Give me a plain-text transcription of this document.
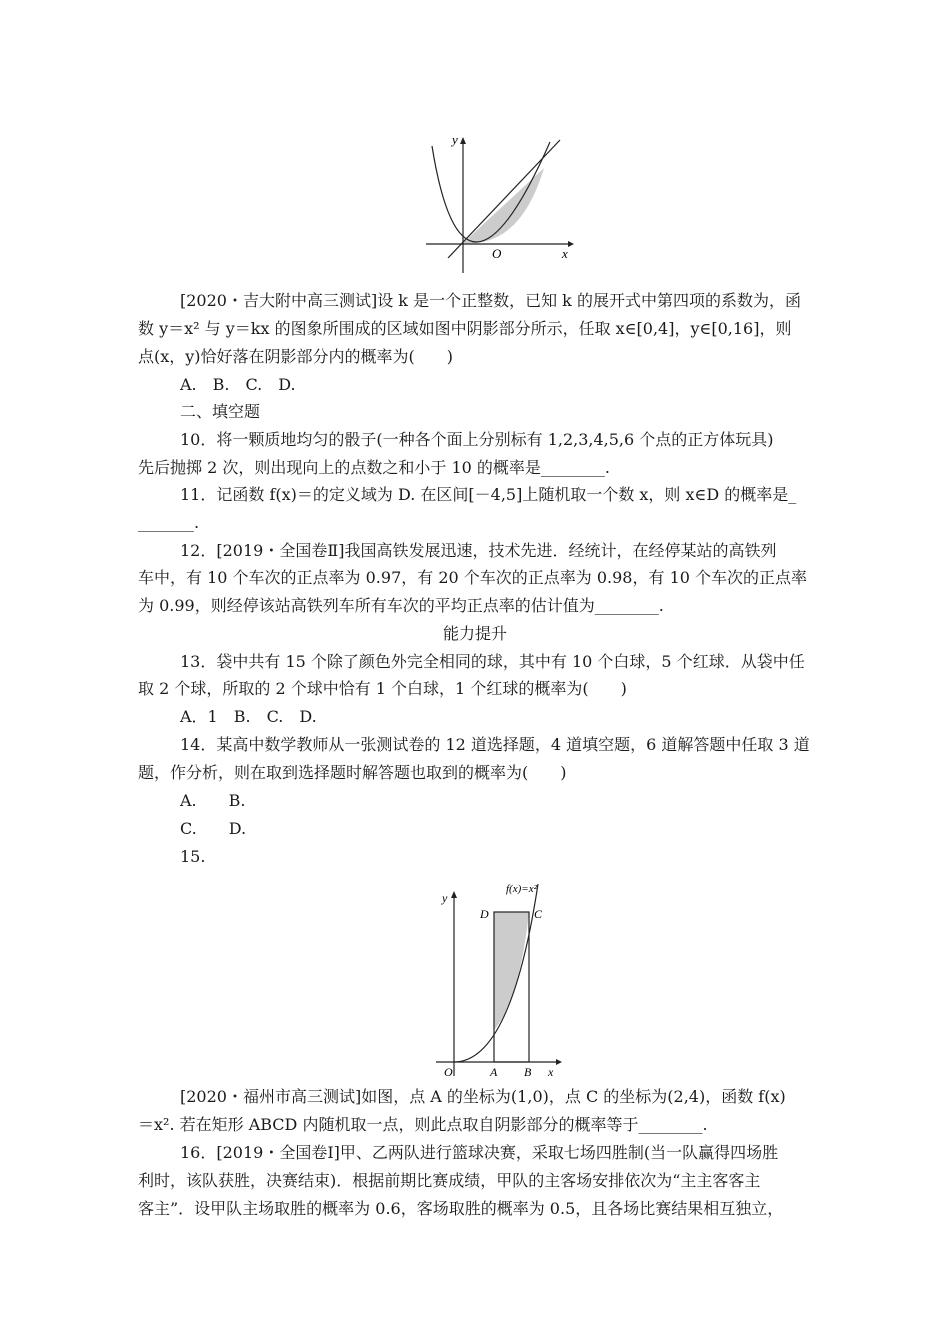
y
x
O
[2020・吉大附中高三测试]设 k 是一个正整数，已知 k 的展开式中第四项的系数为，函
数 y＝x² 与 y＝kx 的图象所围成的区域如图中阴影部分所示，任取 x∈[0,4]，y∈[0,16]，则
点(x，y)恰好落在阴影部分内的概率为(　　)
A.　B.　C.　D.
二、填空题
10．将一颗质地均匀的骰子(一种各个面上分别标有 1,2,3,4,5,6 个点的正方体玩具)
先后抛掷 2 次，则出现向上的点数之和小于 10 的概率是________.
11．记函数 f(x)＝的定义域为 D. 在区间[－4,5]上随机取一个数 x，则 x∈D 的概率是_
_______.
12．[2019・全国卷Ⅱ]我国高铁发展迅速，技术先进．经统计，在经停某站的高铁列
车中，有 10 个车次的正点率为 0.97，有 20 个车次的正点率为 0.98，有 10 个车次的正点率
为 0.99，则经停该站高铁列车所有车次的平均正点率的估计值为________.
能力提升
13．袋中共有 15 个除了颜色外完全相同的球，其中有 10 个白球，5 个红球．从袋中任
取 2 个球，所取的 2 个球中恰有 1 个白球，1 个红球的概率为(　　)
A．1　B.　C.　D.
14．某高中数学教师从一张测试卷的 12 道选择题，4 道填空题，6 道解答题中任取 3 道
题，作分析，则在取到选择题时解答题也取到的概率为(　　)
A.　　B.
C.　　D.
15.
f(x)=x²
y
D	C
O	A B x
[2020・福州市高三测试]如图，点 A 的坐标为(1,0)，点 C 的坐标为(2,4)，函数 f(x)
＝x². 若在矩形 ABCD 内随机取一点，则此点取自阴影部分的概率等于________.
16．[2019・全国卷Ⅰ]甲、乙两队进行篮球决赛，采取七场四胜制(当一队赢得四场胜
利时，该队获胜，决赛结束)．根据前期比赛成绩，甲队的主客场安排依次为“主主客客主
客主”．设甲队主场取胜的概率为 0.6，客场取胜的概率为 0.5，且各场比赛结果相互独立，
